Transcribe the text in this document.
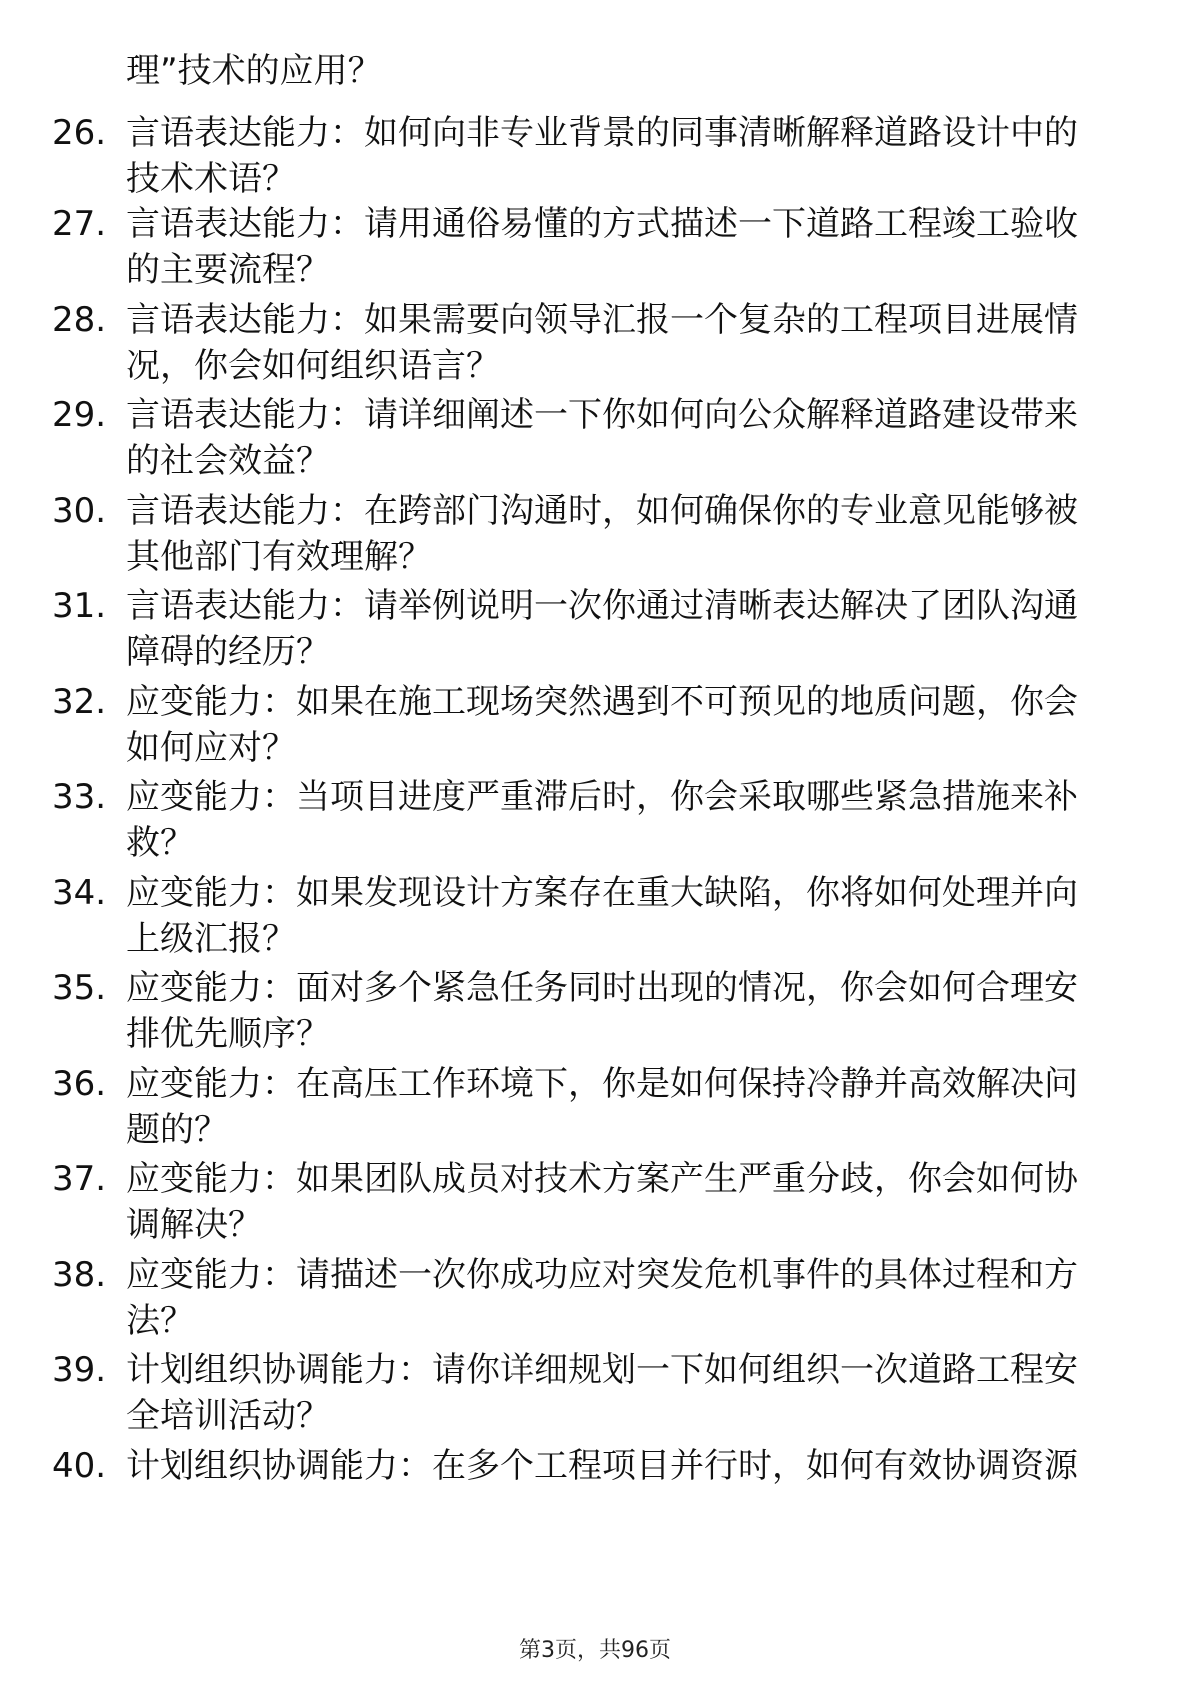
理”技术的应用？
26. 言语表达能力：如何向非专业背景的同事清晰解释道路设计中的技术术语？
27. 言语表达能力：请用通俗易懂的方式描述一下道路工程竣工验收的主要流程？
28. 言语表达能力：如果需要向领导汇报一个复杂的工程项目进展情况，你会如何组织语言？
29. 言语表达能力：请详细阐述一下你如何向公众解释道路建设带来的社会效益？
30. 言语表达能力：在跨部门沟通时，如何确保你的专业意见能够被其他部门有效理解？
31. 言语表达能力：请举例说明一次你通过清晰表达解决了团队沟通障碍的经历？
32. 应变能力：如果在施工现场突然遇到不可预见的地质问题，你会如何应对？
33. 应变能力：当项目进度严重滞后时，你会采取哪些紧急措施来补救？
34. 应变能力：如果发现设计方案存在重大缺陷，你将如何处理并向上级汇报？
35. 应变能力：面对多个紧急任务同时出现的情况，你会如何合理安排优先顺序？
36. 应变能力：在高压工作环境下，你是如何保持冷静并高效解决问题的？
37. 应变能力：如果团队成员对技术方案产生严重分歧，你会如何协调解决？
38. 应变能力：请描述一次你成功应对突发危机事件的具体过程和方法？
39. 计划组织协调能力：请你详细规划一下如何组织一次道路工程安全培训活动？
40. 计划组织协调能力：在多个工程项目并行时，如何有效协调资源
第3页，共96页
